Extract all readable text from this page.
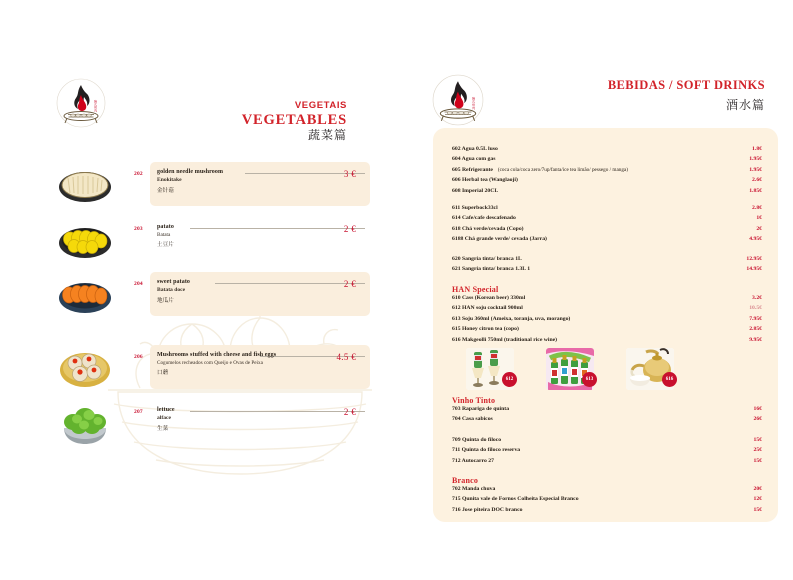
韓式烤肉	VEGETAIS
VEGETABLES
蔬菜篇
202 golden needle mushroom
Enokitake
金针菇
3 €
203 patato
Batata
土豆片
2 €
204 sweet patato
Batata doce
地瓜片
2 €
206 Mushrooms stuffed with cheese and fish eggs
Cogumelos recheados com Queijo e Ovas de Peixa
口蘑
4.5 €
207 lettuce
alface
生菜
2 €
韓式烤肉
BEBIDAS / SOFT DRINKS
酒水篇
602 Agua 0.5L luso	1.8€
604 Agua com gas	1.95€
605 Refrigerante (coca cola/coca zero/7up/fanta/ice tea limão/ pessego / manga)	1.95€
606 Herbal tea (Wanglaoji)	2.6€
608 Imperial 20CL	1.85€
611 Superbock33cl	2.8€
614 Cafe/cafe descafenado	1€
618 Chá verde/cevada (Copo)	2€
6188 Chá grande verde/ cevada (Jarra)	4.95€
620 Sangria tinta/ branca 1L	12.95€
621 Sangria tinta/ branca 1.3L 1	14.95€
HAN Special
610 Cass (Korean beer) 330ml	3.2€
612 HAN soju cocktail 900ml	10.5€
613 Soju 360ml (Ameixa, toranja, uva, morango)	7.95€
615 Honey citron tea (copo)	2.85€
616 Makgeolli 750ml (traditional rice wine)	9.95€
612	613	616
Vinho Tinto
703 Rapariga de quinta	16€
704 Casa sabicos	26€
709 Quinta do filoco	15€
711 Quinta do filoco reserva	25€
712 Autocarro 27	15€
Branco
702 Manda chuva	20€
715 Qunita vale de Fornos Colheita Especial Branco	12€
716 Jose piteira DOC branco	15€
